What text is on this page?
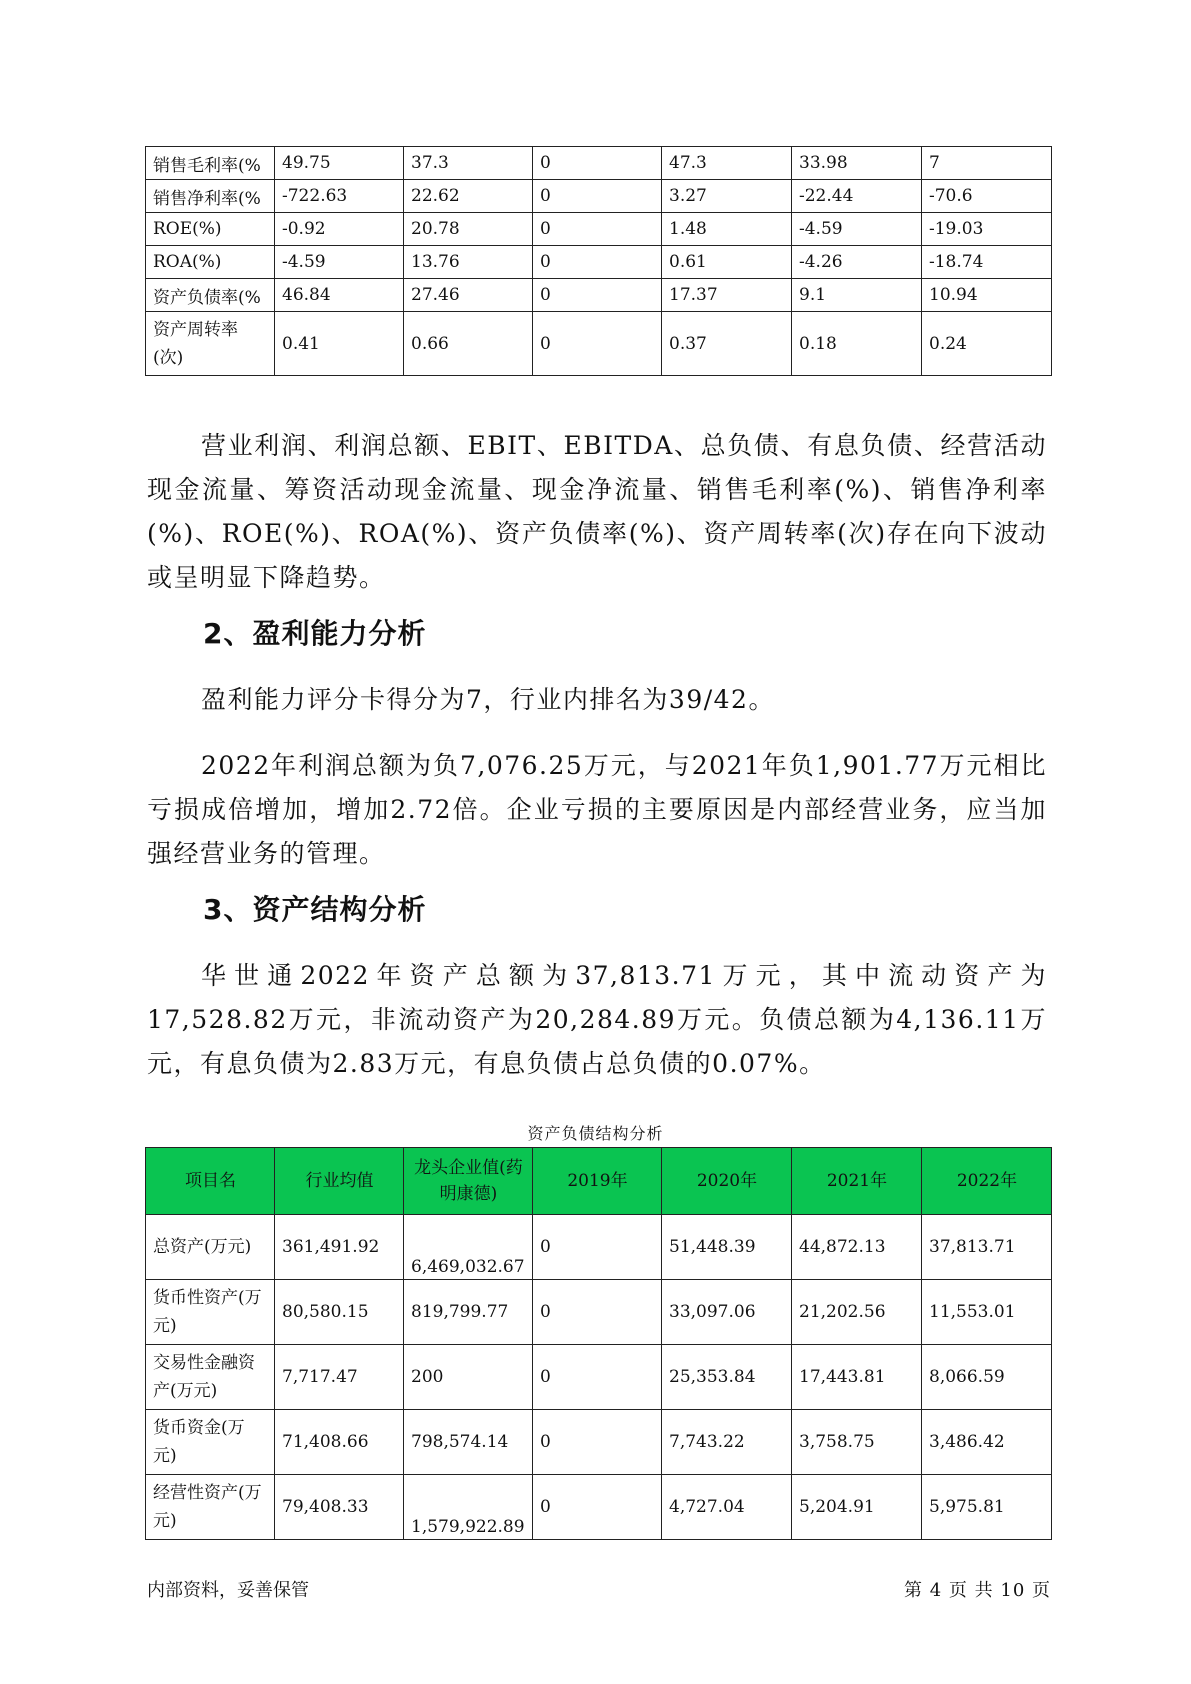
销售毛利率(%	49.75	37.3	0	47.3	33.98	7
销售净利率(%	-722.63	22.62	0	3.27	-22.44	-70.6
ROE(%)	-0.92	20.78	0	1.48	-4.59	-19.03
ROA(%)	-4.59	13.76	0	0.61	-4.26	-18.74
资产负债率(%	46.84	27.46	0	17.37	9.1	10.94
资产周转率(次)	0.41	0.66	0	0.37	0.18	0.24

营业利润、利润总额、EBIT、EBITDA、总负债、有息负债、经营活动现金流量、筹资活动现金流量、现金净流量、销售毛利率(%)、销售净利率(%)、ROE(%)、ROA(%)、资产负债率(%)、资产周转率(次)存在向下波动或呈明显下降趋势。

2、盈利能力分析

盈利能力评分卡得分为7，行业内排名为39/42。

2022年利润总额为负7,076.25万元，与2021年负1,901.77万元相比亏损成倍增加，增加2.72倍。企业亏损的主要原因是内部经营业务，应当加强经营业务的管理。

3、资产结构分析

华世通2022年资产总额为37,813.71万元，其中流动资产为17,528.82万元，非流动资产为20,284.89万元。负债总额为4,136.11万元，有息负债为2.83万元，有息负债占总负债的0.07%。

资产负债结构分析
项目名	行业均值	龙头企业值(药明康德)	2019年	2020年	2021年	2022年
总资产(万元)	361,491.92	6,469,032.67	0	51,448.39	44,872.13	37,813.71
货币性资产(万元)	80,580.15	819,799.77	0	33,097.06	21,202.56	11,553.01
交易性金融资产(万元)	7,717.47	200	0	25,353.84	17,443.81	8,066.59
货币资金(万元)	71,408.66	798,574.14	0	7,743.22	3,758.75	3,486.42
经营性资产(万元)	79,408.33	1,579,922.89	0	4,727.04	5,204.91	5,975.81
内部资料，妥善保管	第 4 页 共 10 页
